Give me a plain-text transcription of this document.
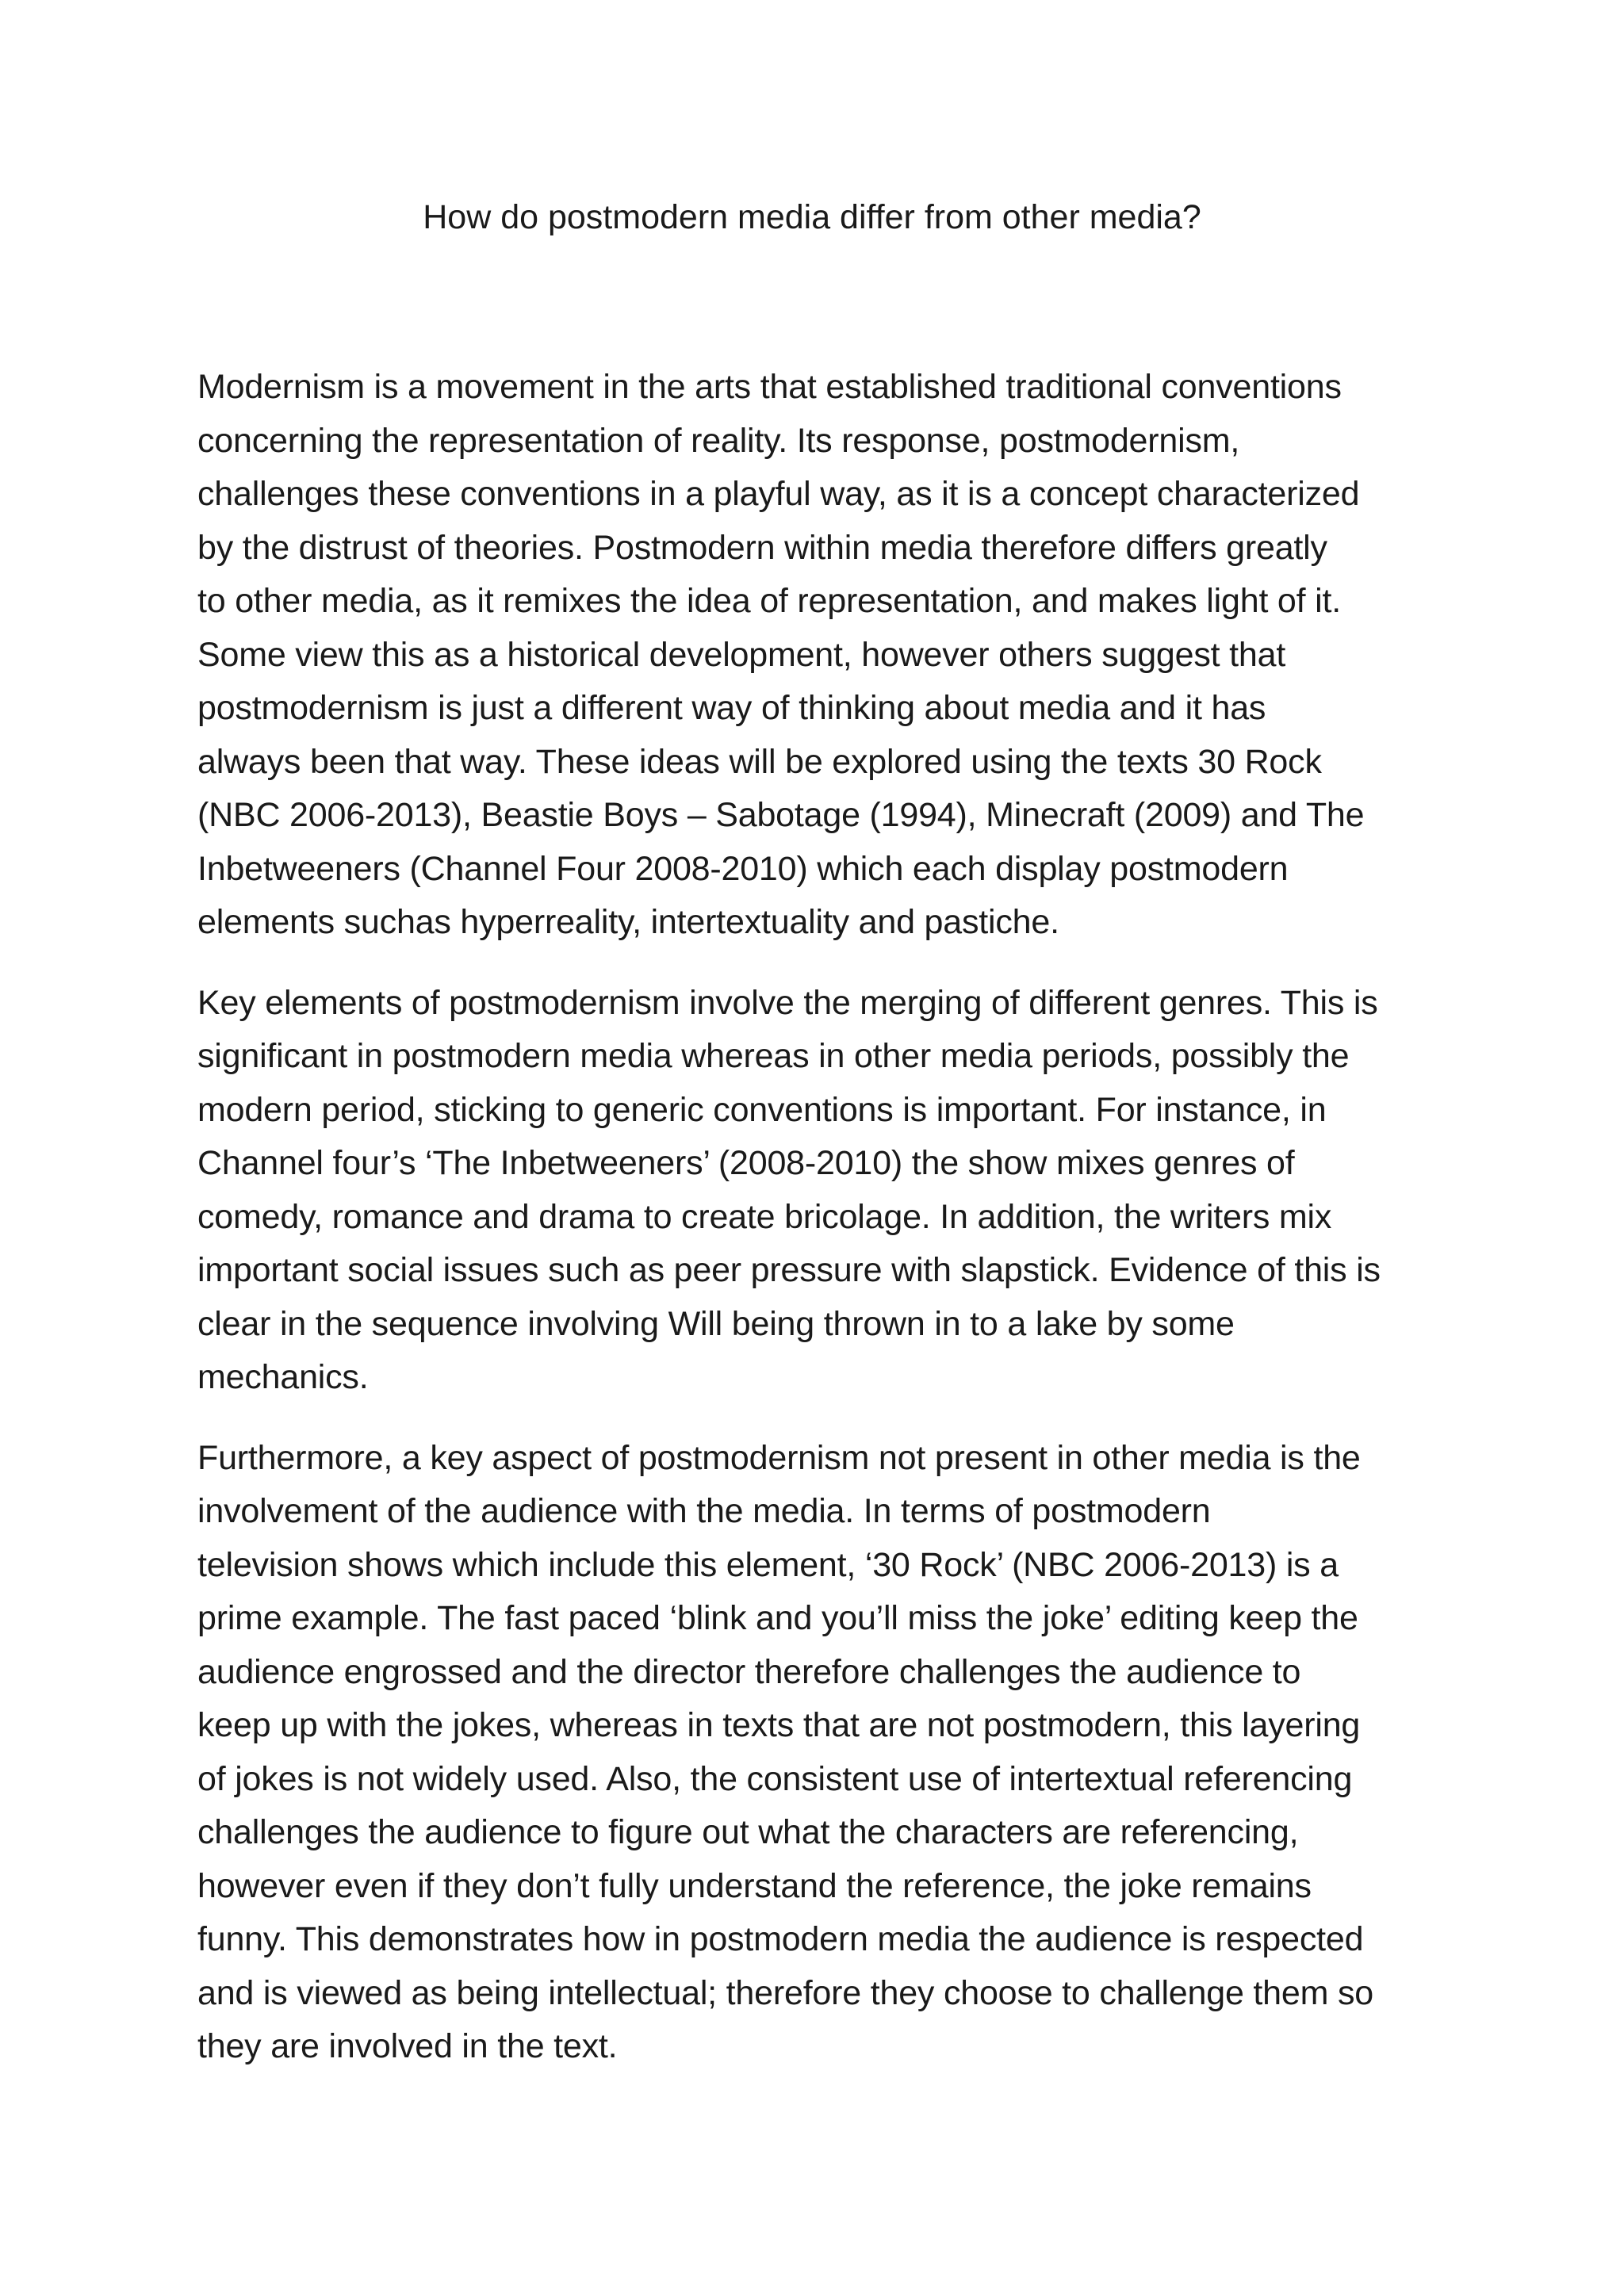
How do postmodern media differ from other media?

Modernism is a movement in the arts that established traditional conventions
concerning the representation of reality. Its response, postmodernism,
challenges these conventions in a playful way, as it is a concept characterized
by the distrust of theories. Postmodern within media therefore differs greatly
to other media, as it remixes the idea of representation, and makes light of it.
Some view this as a historical development, however others suggest that
postmodernism is just a different way of thinking about media and it has
always been that way. These ideas will be explored using the texts 30 Rock
(NBC 2006-2013), Beastie Boys – Sabotage (1994), Minecraft (2009) and The
Inbetweeners (Channel Four 2008-2010) which each display postmodern
elements suchas hyperreality, intertextuality and pastiche.

Key elements of postmodernism involve the merging of different genres. This is
significant in postmodern media whereas in other media periods, possibly the
modern period, sticking to generic conventions is important. For instance, in
Channel four’s ‘The Inbetweeners’ (2008-2010) the show mixes genres of
comedy, romance and drama to create bricolage. In addition, the writers mix
important social issues such as peer pressure with slapstick. Evidence of this is
clear in the sequence involving Will being thrown in to a lake by some
mechanics.

Furthermore, a key aspect of postmodernism not present in other media is the
involvement of the audience with the media. In terms of postmodern
television shows which include this element, ‘30 Rock’ (NBC 2006-2013) is a
prime example. The fast paced ‘blink and you’ll miss the joke’ editing keep the
audience engrossed and the director therefore challenges the audience to
keep up with the jokes, whereas in texts that are not postmodern, this layering
of jokes is not widely used. Also, the consistent use of intertextual referencing
challenges the audience to figure out what the characters are referencing,
however even if they don’t fully understand the reference, the joke remains
funny. This demonstrates how in postmodern media the audience is respected
and is viewed as being intellectual; therefore they choose to challenge them so
they are involved in the text.
